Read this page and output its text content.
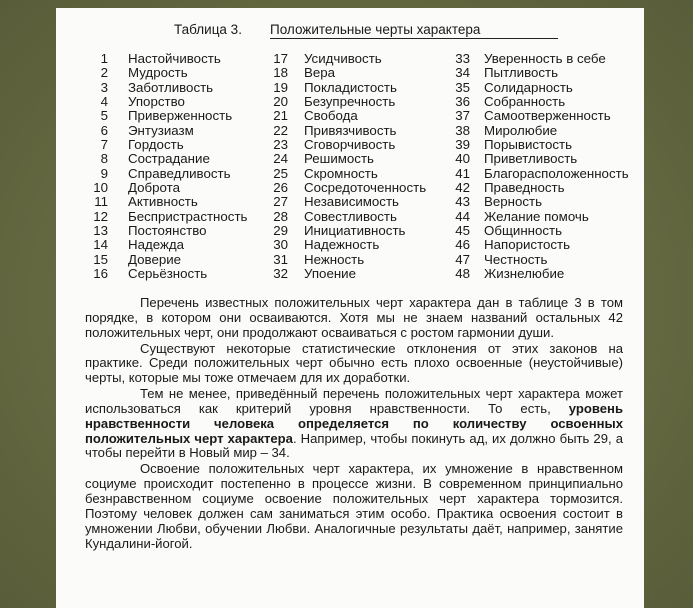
Таблица 3. Положительные черты характера
1 Настойчивость
2 Мудрость
3 Заботливость
4 Упорство
5 Приверженность
6 Энтузиазм
7 Гордость
8 Сострадание
9 Справедливость
10 Доброта
11 Активность
12 Беспристрастность
13 Постоянство
14 Надежда
15 Доверие
16 Серьёзность
17 Усидчивость
18 Вера
19 Покладистость
20 Безупречность
21 Свобода
22 Привязчивость
23 Сговорчивость
24 Решимость
25 Скромность
26 Сосредоточенность
27 Независимость
28 Совестливость
29 Инициативность
30 Надежность
31 Нежность
32 Упоение
33 Уверенность в себе
34 Пытливость
35 Солидарность
36 Собранность
37 Самоотверженность
38 Миролюбие
39 Порывистость
40 Приветливость
41 Благорасположенность
42 Праведность
43 Верность
44 Желание помочь
45 Общинность
46 Напористость
47 Честность
48 Жизнелюбие

Перечень известных положительных черт характера дан в таблице 3 в том порядке, в котором они осваиваются. Хотя мы не знаем названий остальных 42 положительных черт, они продолжают осваиваться с ростом гармонии души.

Существуют некоторые статистические отклонения от этих законов на практике. Среди положительных черт обычно есть плохо освоенные (неустойчивые) черты, которые мы тоже отмечаем для их доработки.

Тем не менее, приведённый перечень положительных черт характера может использоваться как критерий уровня нравственности. То есть, уровень нравственности человека определяется по количеству освоенных положительных черт характера. Например, чтобы покинуть ад, их должно быть 29, а чтобы перейти в Новый мир – 34.

Освоение положительных черт характера, их умножение в нравственном социуме происходит постепенно в процессе жизни. В современном принципиально безнравственном социуме освоение положительных черт характера тормозится. Поэтому человек должен сам заниматься этим особо. Практика освоения состоит в умножении Любви, обучении Любви. Аналогичные результаты даёт, например, занятие Кундалини-йогой.
